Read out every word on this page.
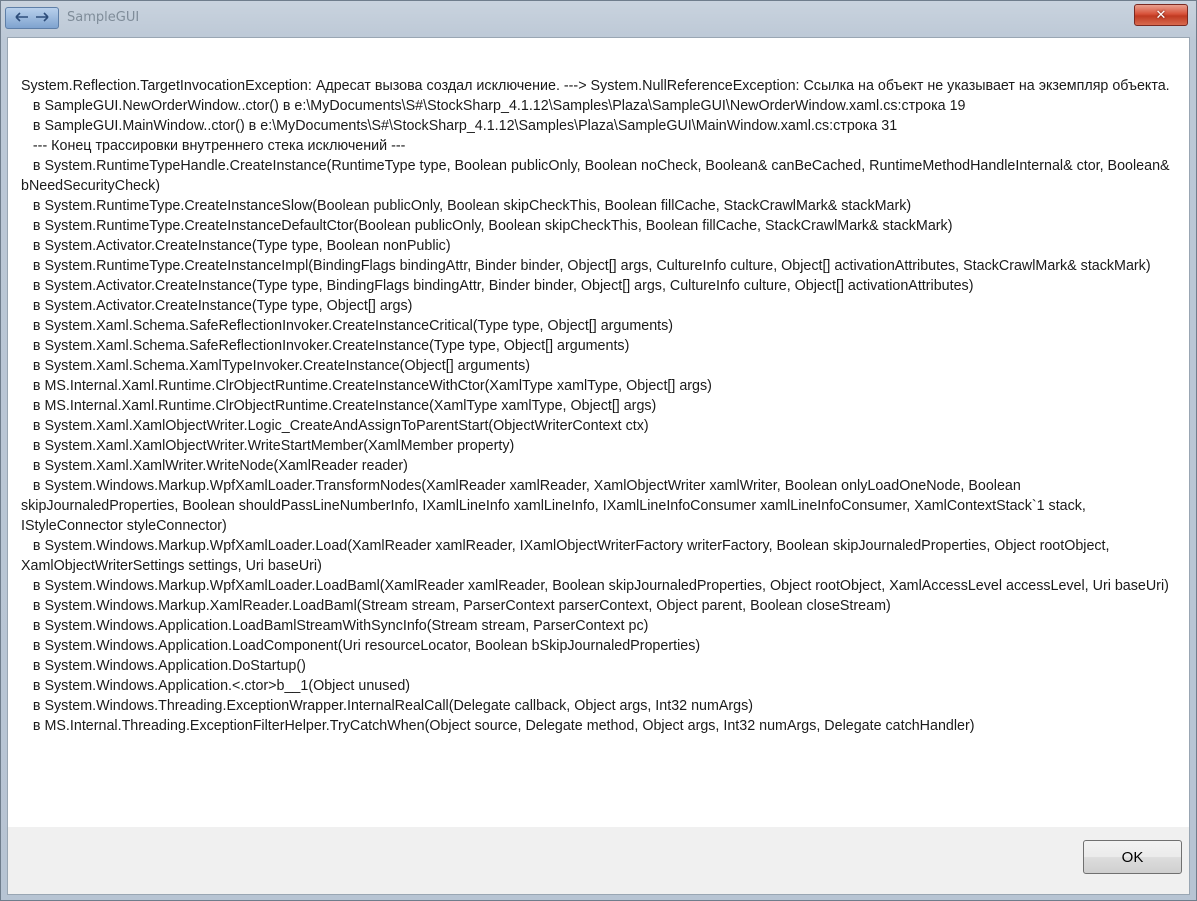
SampleGUI	✕
System.Reflection.TargetInvocationException: Адресат вызова создал исключение. ---> System.NullReferenceException: Ссылка на объект не указывает на экземпляр объекта.
в SampleGUI.NewOrderWindow..ctor() в e:\MyDocuments\S#\StockSharp_4.1.12\Samples\Plaza\SampleGUI\NewOrderWindow.xaml.cs:строка 19
в SampleGUI.MainWindow..ctor() в e:\MyDocuments\S#\StockSharp_4.1.12\Samples\Plaza\SampleGUI\MainWindow.xaml.cs:строка 31
--- Конец трассировки внутреннего стека исключений ---
в System.RuntimeTypeHandle.CreateInstance(RuntimeType type, Boolean publicOnly, Boolean noCheck, Boolean& canBeCached, RuntimeMethodHandleInternal& ctor, Boolean& bNeedSecurityCheck)
в System.RuntimeType.CreateInstanceSlow(Boolean publicOnly, Boolean skipCheckThis, Boolean fillCache, StackCrawlMark& stackMark)
в System.RuntimeType.CreateInstanceDefaultCtor(Boolean publicOnly, Boolean skipCheckThis, Boolean fillCache, StackCrawlMark& stackMark)
в System.Activator.CreateInstance(Type type, Boolean nonPublic)
в System.RuntimeType.CreateInstanceImpl(BindingFlags bindingAttr, Binder binder, Object[] args, CultureInfo culture, Object[] activationAttributes, StackCrawlMark& stackMark)
в System.Activator.CreateInstance(Type type, BindingFlags bindingAttr, Binder binder, Object[] args, CultureInfo culture, Object[] activationAttributes)
в System.Activator.CreateInstance(Type type, Object[] args)
в System.Xaml.Schema.SafeReflectionInvoker.CreateInstanceCritical(Type type, Object[] arguments)
в System.Xaml.Schema.SafeReflectionInvoker.CreateInstance(Type type, Object[] arguments)
в System.Xaml.Schema.XamlTypeInvoker.CreateInstance(Object[] arguments)
в MS.Internal.Xaml.Runtime.ClrObjectRuntime.CreateInstanceWithCtor(XamlType xamlType, Object[] args)
в MS.Internal.Xaml.Runtime.ClrObjectRuntime.CreateInstance(XamlType xamlType, Object[] args)
в System.Xaml.XamlObjectWriter.Logic_CreateAndAssignToParentStart(ObjectWriterContext ctx)
в System.Xaml.XamlObjectWriter.WriteStartMember(XamlMember property)
в System.Xaml.XamlWriter.WriteNode(XamlReader reader)
в System.Windows.Markup.WpfXamlLoader.TransformNodes(XamlReader xamlReader, XamlObjectWriter xamlWriter, Boolean onlyLoadOneNode, Boolean skipJournaledProperties, Boolean shouldPassLineNumberInfo, IXamlLineInfo xamlLineInfo, IXamlLineInfoConsumer xamlLineInfoConsumer, XamlContextStack`1 stack, IStyleConnector styleConnector)
в System.Windows.Markup.WpfXamlLoader.Load(XamlReader xamlReader, IXamlObjectWriterFactory writerFactory, Boolean skipJournaledProperties, Object rootObject, XamlObjectWriterSettings settings, Uri baseUri)
в System.Windows.Markup.WpfXamlLoader.LoadBaml(XamlReader xamlReader, Boolean skipJournaledProperties, Object rootObject, XamlAccessLevel accessLevel, Uri baseUri)
в System.Windows.Markup.XamlReader.LoadBaml(Stream stream, ParserContext parserContext, Object parent, Boolean closeStream)
в System.Windows.Application.LoadBamlStreamWithSyncInfo(Stream stream, ParserContext pc)
в System.Windows.Application.LoadComponent(Uri resourceLocator, Boolean bSkipJournaledProperties)
в System.Windows.Application.DoStartup()
в System.Windows.Application.<.ctor>b__1(Object unused)
в System.Windows.Threading.ExceptionWrapper.InternalRealCall(Delegate callback, Object args, Int32 numArgs)
в MS.Internal.Threading.ExceptionFilterHelper.TryCatchWhen(Object source, Delegate method, Object args, Int32 numArgs, Delegate catchHandler)
OK
